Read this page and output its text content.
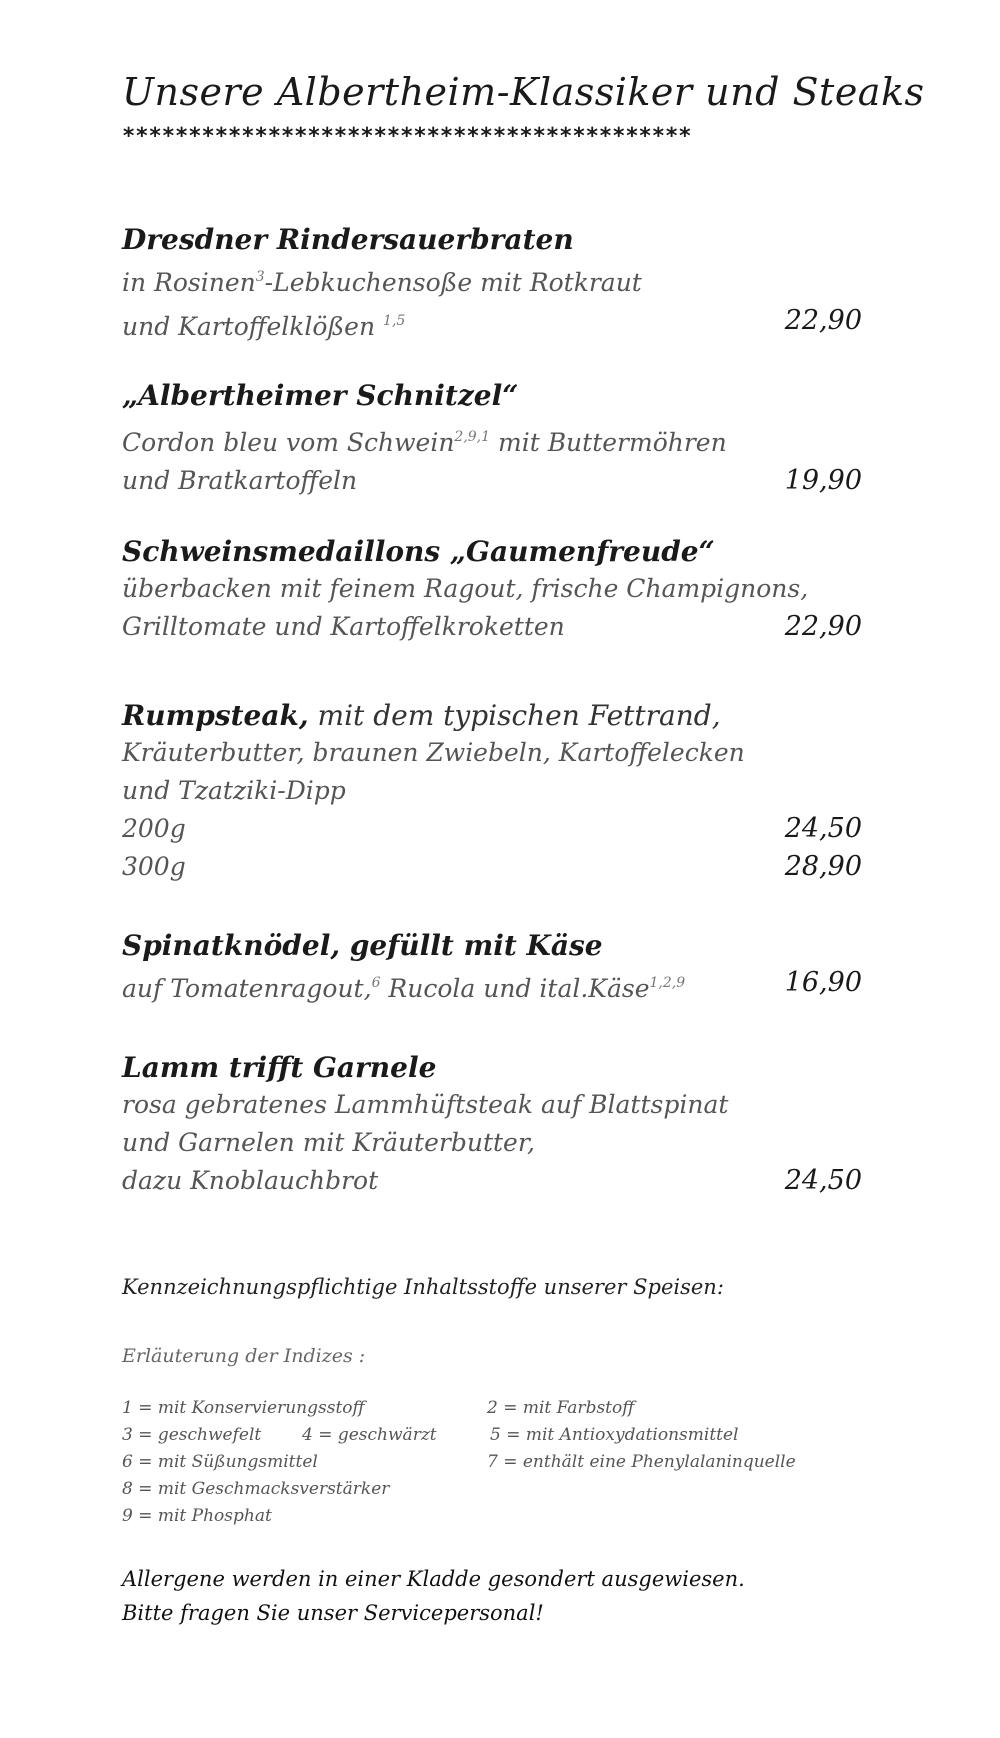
Unsere Albertheim-Klassiker und Steaks
*******************************************
Dresdner Rindersauerbraten
in Rosinen$^3$-Lebkuchensoße mit Rotkraut
und Kartoffelklößen $^{1,5}$	22,90
„Albertheimer Schnitzel“
Cordon bleu vom Schwein$^{2,9,1}$ mit Buttermöhren
und Bratkartoffeln	19,90
Schweinsmedaillons „Gaumenfreude“
überbacken mit feinem Ragout, frische Champignons,
Grilltomate und Kartoffelkroketten	22,90
Rumpsteak, mit dem typischen Fettrand,
Kräuterbutter, braunen Zwiebeln, Kartoffelecken
und Tzatziki-Dipp
200g	24,50
300g	28,90
Spinatknödel, gefüllt mit Käse
auf Tomatenragout,$^6$ Rucola und ital.Käse$^{1,2,9}$	16,90
Lamm trifft Garnele
rosa gebratenes Lammhüftsteak auf Blattspinat
und Garnelen mit Kräuterbutter,
dazu Knoblauchbrot	24,50
Kennzeichnungspflichtige Inhaltsstoffe unserer Speisen:
Erläuterung der Indizes :
1 = mit Konservierungsstoff	2 = mit Farbstoff
3 = geschwefelt 4 = geschwärzt	5 = mit Antioxydationsmittel
6 = mit Süßungsmittel	7 = enthält eine Phenylalaninquelle
8 = mit Geschmacksverstärker
9 = mit Phosphat
Allergene werden in einer Kladde gesondert ausgewiesen.
Bitte fragen Sie unser Servicepersonal!
